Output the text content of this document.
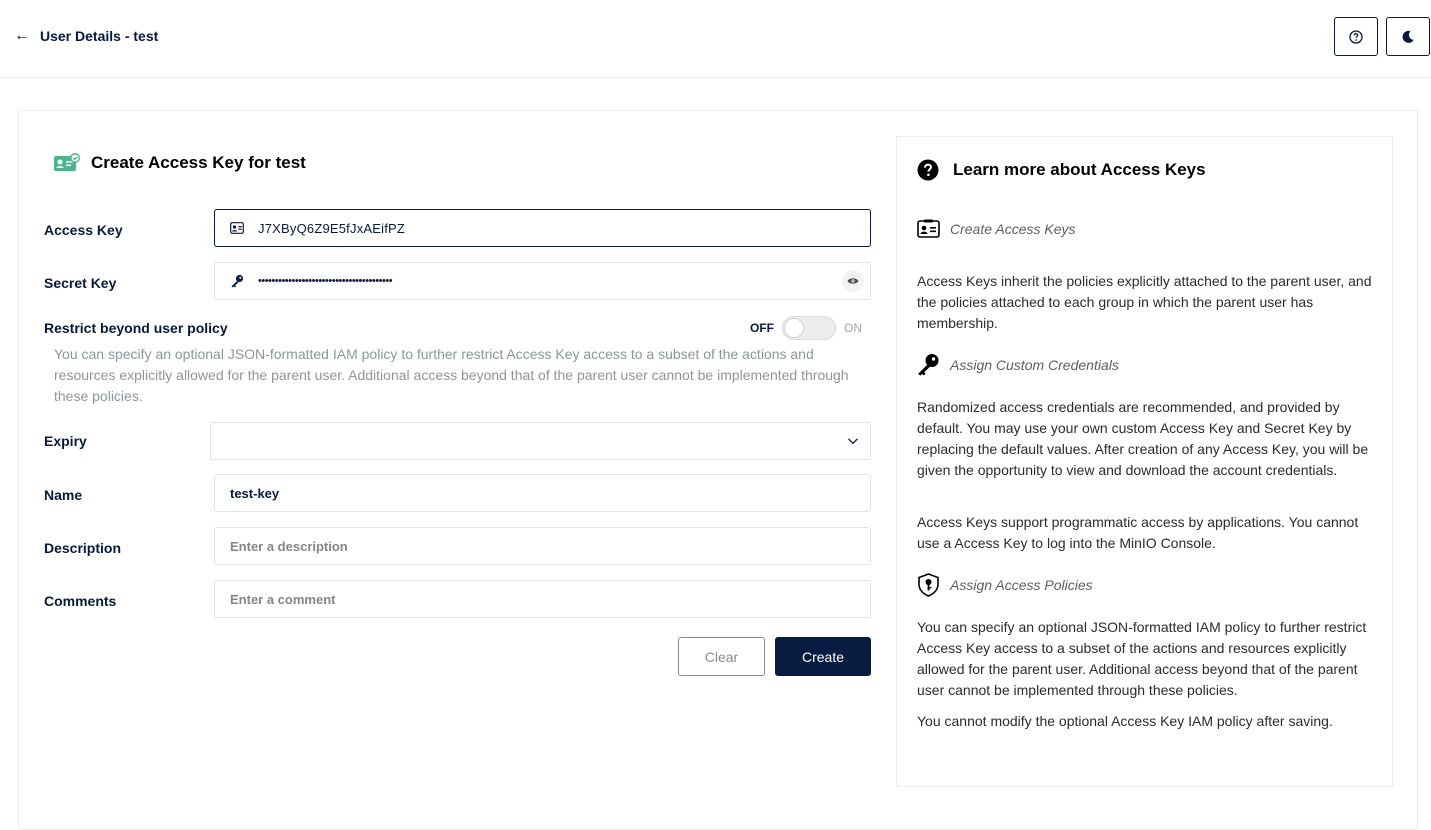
← User Details - test
Create Access Key for test
Access Key	J7XByQ6Z9E5fJxAEifPZ
Secret Key	••••••••••••••••••••••••••••••••••••••••
Restrict beyond user policy	OFF	ON
You can specify an optional JSON-formatted IAM policy to further restrict Access Key access to a subset of the actions and resources explicitly allowed for the parent user. Additional access beyond that of the parent user cannot be implemented through these policies.
Expiry
Name	test-key
Description	Enter a description
Comments	Enter a comment
Clear	Create
Learn more about Access Keys
Create Access Keys
Access Keys inherit the policies explicitly attached to the parent user, and the policies attached to each group in which the parent user has membership.
Assign Custom Credentials
Randomized access credentials are recommended, and provided by default. You may use your own custom Access Key and Secret Key by replacing the default values. After creation of any Access Key, you will be given the opportunity to view and download the account credentials.
Access Keys support programmatic access by applications. You cannot use a Access Key to log into the MinIO Console.
Assign Access Policies
You can specify an optional JSON-formatted IAM policy to further restrict Access Key access to a subset of the actions and resources explicitly allowed for the parent user. Additional access beyond that of the parent user cannot be implemented through these policies.
You cannot modify the optional Access Key IAM policy after saving.
